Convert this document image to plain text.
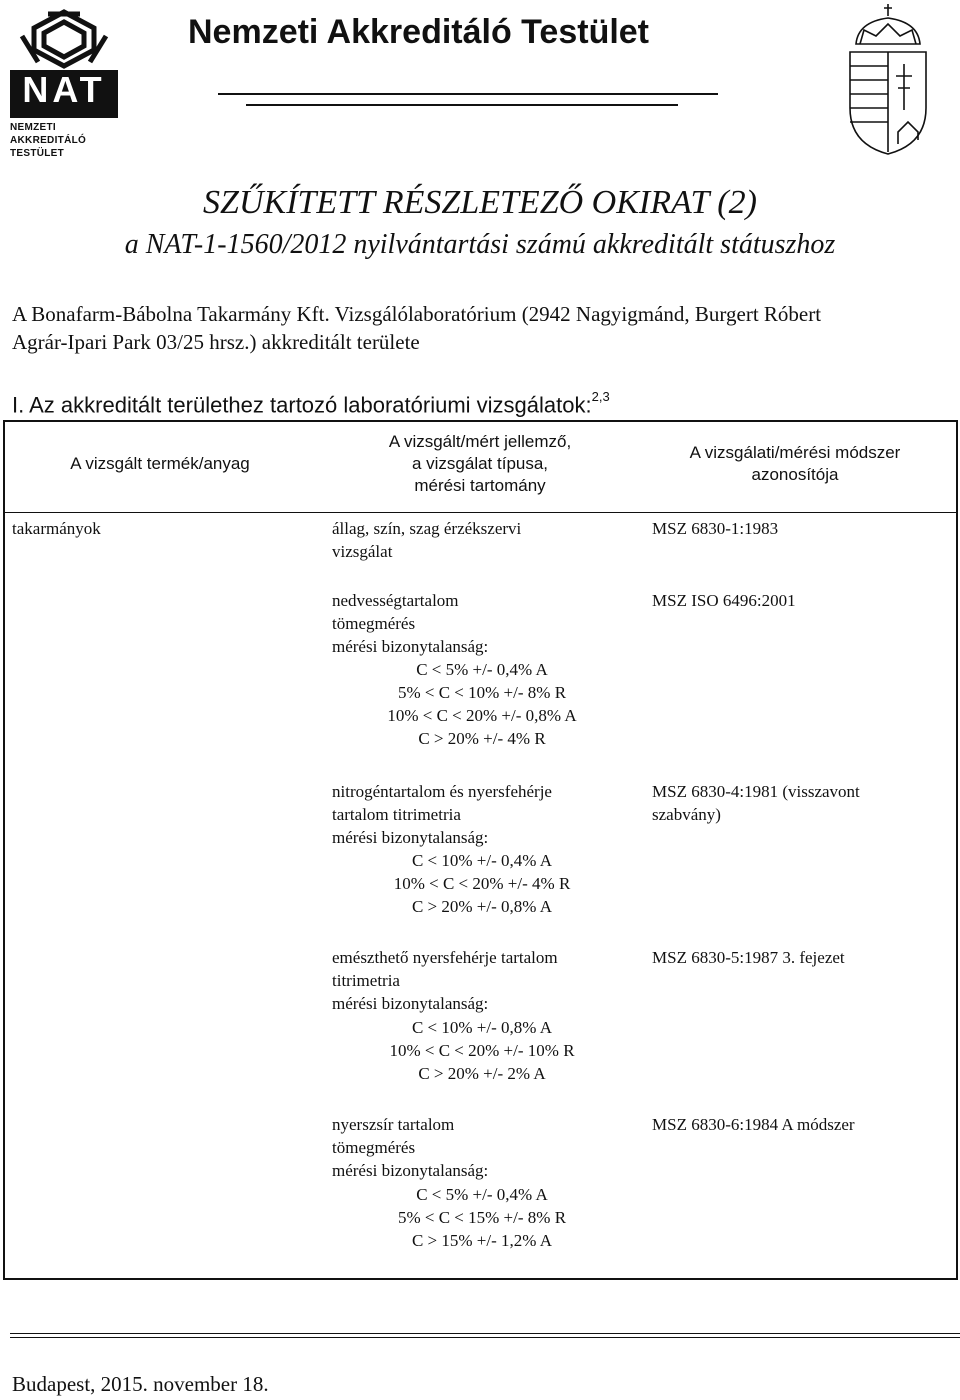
NAT
NEMZETI
AKKREDITÁLÓ
TESTÜLET
Nemzeti Akkreditáló Testület
SZŰKÍTETT RÉSZLETEZŐ OKIRAT (2)
a NAT-1-1560/2012 nyilvántartási számú akkreditált státuszhoz
A Bonafarm-Bábolna Takarmány Kft. Vizsgálólaboratórium (2942 Nagyigmánd, Burgert Róbert
Agrár-Ipari Park 03/25 hrsz.) akkreditált területe
I. Az akkreditált területhez tartozó laboratóriumi vizsgálatok:$^{2,3}$
A vizsgált termék/anyag
A vizsgált/mért jellemző,
a vizsgálat típusa,
mérési tartomány
A vizsgálati/mérési módszer
azonosítója
takarmányok	állag, szín, szag érzékszervi
vizsgálat
MSZ 6830-1:1983
nedvességtartalom
tömegmérés
mérési bizonytalanság:
C < 5% +/- 0,4% A
5% < C < 10% +/- 8% R
10% < C < 20% +/- 0,8% A
C > 20% +/- 4% R
MSZ ISO 6496:2001
nitrogéntartalom és nyersfehérje
tartalom titrimetria
mérési bizonytalanság:
C < 10% +/- 0,4% A
10% < C < 20% +/- 4% R
C > 20% +/- 0,8% A
MSZ 6830-4:1981 (visszavont
szabvány)
emészthető nyersfehérje tartalom
titrimetria
mérési bizonytalanság:
C < 10% +/- 0,8% A
10% < C < 20% +/- 10% R
C > 20% +/- 2% A
MSZ 6830-5:1987 3. fejezet
nyerszsír tartalom
tömegmérés
mérési bizonytalanság:
C < 5% +/- 0,4% A
5% < C < 15% +/- 8% R
C > 15% +/- 1,2% A
MSZ 6830-6:1984 A módszer
Budapest, 2015. november 18.
